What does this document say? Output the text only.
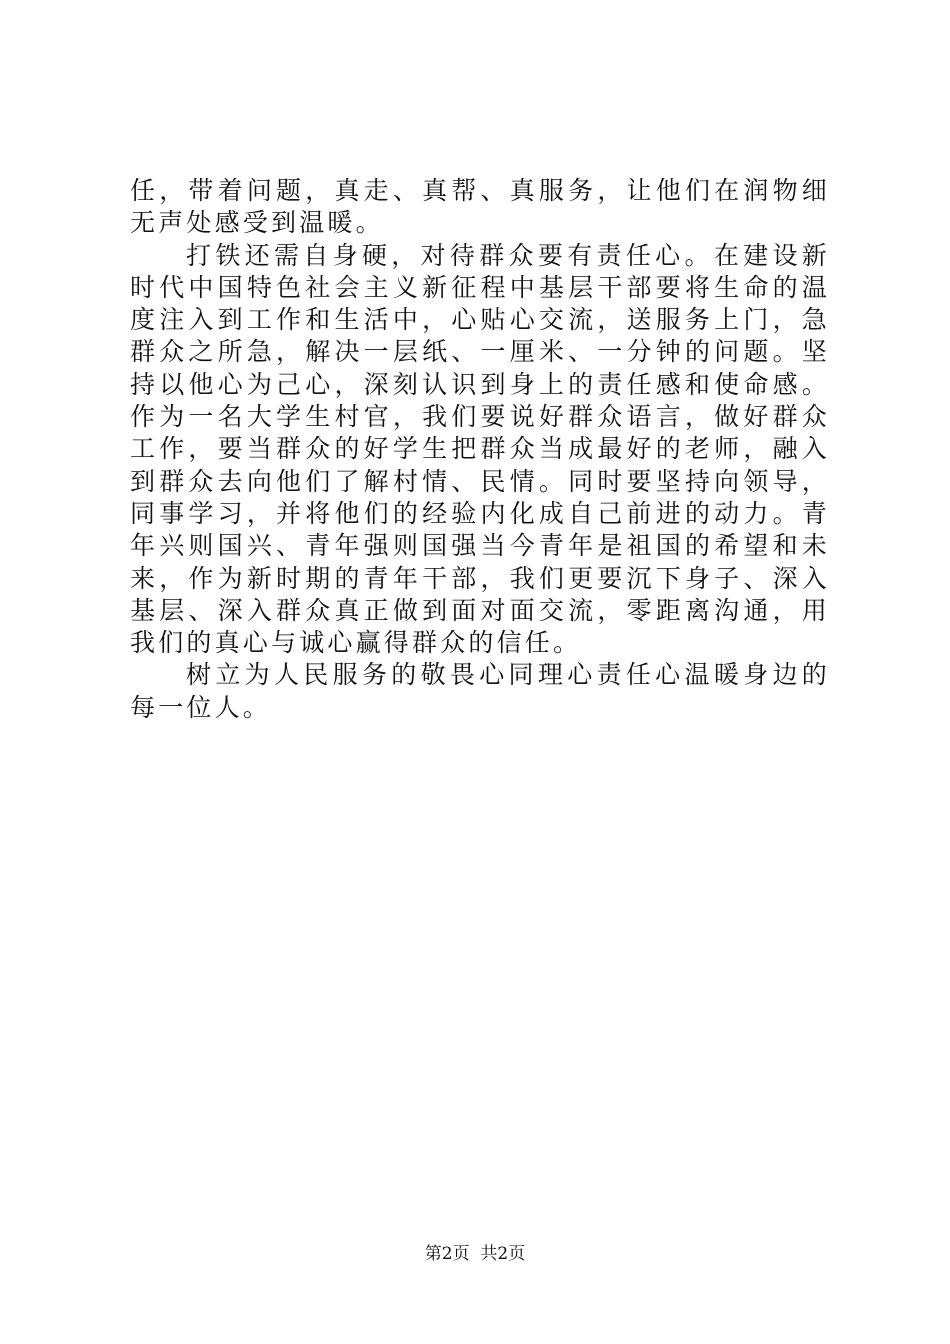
任，带着问题，真走、真帮、真服务，让他们在润物细无声处感受到温暖。

打铁还需自身硬，对待群众要有责任心。在建设新时代中国特色社会主义新征程中基层干部要将生命的温度注入到工作和生活中，心贴心交流，送服务上门，急群众之所急，解决一层纸、一厘米、一分钟的问题。坚持以他心为己心，深刻认识到身上的责任感和使命感。作为一名大学生村官，我们要说好群众语言，做好群众工作，要当群众的好学生把群众当成最好的老师，融入到群众去向他们了解村情、民情。同时要坚持向领导，同事学习，并将他们的经验内化成自己前进的动力。青年兴则国兴、青年强则国强当今青年是祖国的希望和未来，作为新时期的青年干部，我们更要沉下身子、深入基层、深入群众真正做到面对面交流，零距离沟通，用我们的真心与诚心赢得群众的信任。

树立为人民服务的敬畏心同理心责任心温暖身边的每一位人。

第2页  共2页
